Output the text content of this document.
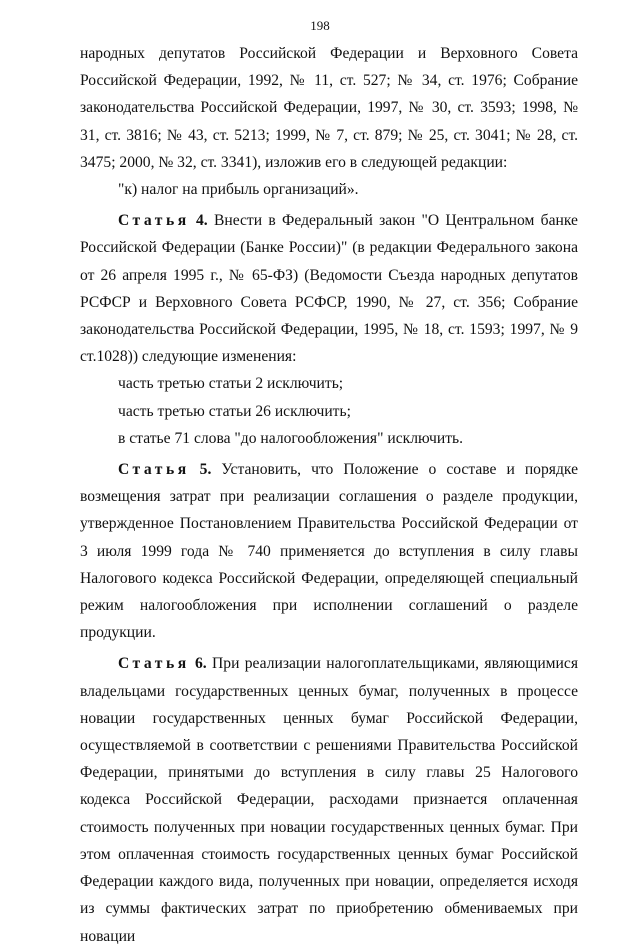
198

народных депутатов Российской Федерации и Верховного Совета Российской Федерации, 1992, № 11, ст. 527; № 34, ст. 1976; Собрание законодательства Российской Федерации, 1997, № 30, ст. 3593; 1998, № 31, ст. 3816; № 43, ст. 5213; 1999, № 7, ст. 879; № 25, ст. 3041; № 28, ст. 3475; 2000, № 32, ст. 3341), изложив его в следующей редакции:

"к) налог на прибыль организаций».

Статья 4. Внести в Федеральный закон "О Центральном банке Российской Федерации (Банке России)" (в редакции Федерального закона от 26 апреля 1995 г., № 65-ФЗ) (Ведомости Съезда народных депутатов РСФСР и Верховного Совета РСФСР, 1990, № 27, ст. 356; Собрание законодательства Российской Федерации, 1995, № 18, ст. 1593; 1997, № 9 ст.1028)) следующие изменения:

часть третью статьи 2 исключить;

часть третью статьи 26 исключить;

в статье 71 слова "до налогообложения" исключить.

Статья 5. Установить, что Положение о составе и порядке возмещения затрат при реализации соглашения о разделе продукции, утвержденное Постановлением Правительства Российской Федерации от 3 июля 1999 года № 740 применяется до вступления в силу главы Налогового кодекса Российской Федерации, определяющей специальный режим налогообложения при исполнении соглашений о разделе продукции.

Статья 6. При реализации налогоплательщиками, являющимися владельцами государственных ценных бумаг, полученных в процессе новации государственных ценных бумаг Российской Федерации, осуществляемой в соответствии с решениями Правительства Российской Федерации, принятыми до вступления в силу главы 25 Налогового кодекса Российской Федерации, расходами признается оплаченная стоимость полученных при новации государственных ценных бумаг. При этом оплаченная стоимость государственных ценных бумаг Российской Федерации каждого вида, полученных при новации, определяется исходя из суммы фактических затрат по приобретению обмениваемых при новации
